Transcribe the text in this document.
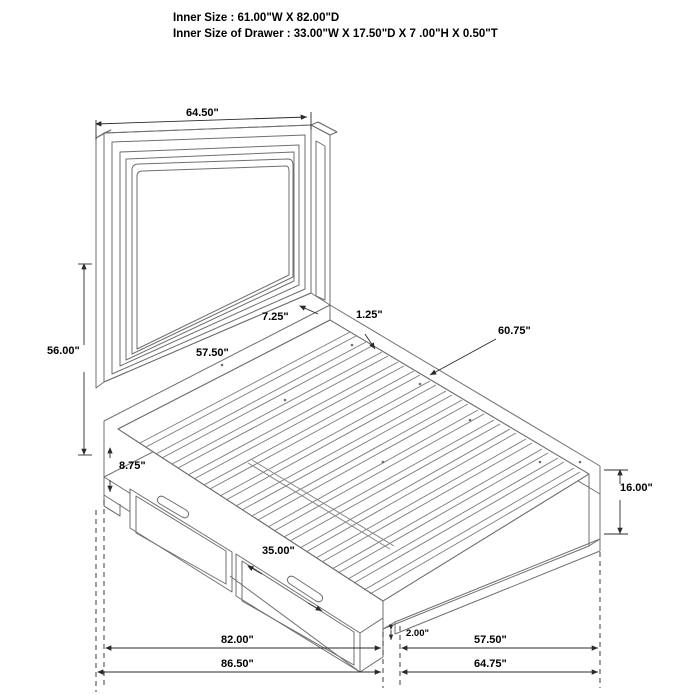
Inner Size : 61.00"W X 82.00"D
Inner Size of Drawer : 33.00"W X 17.50"D X 7 .00"H X 0.50"T
64.50"
56.00"
7.25"	1.25"
57.50"
60.75"
8.75"
16.00"
35.00"
82.00"
86.50"
2.00"
57.50"
64.75"
